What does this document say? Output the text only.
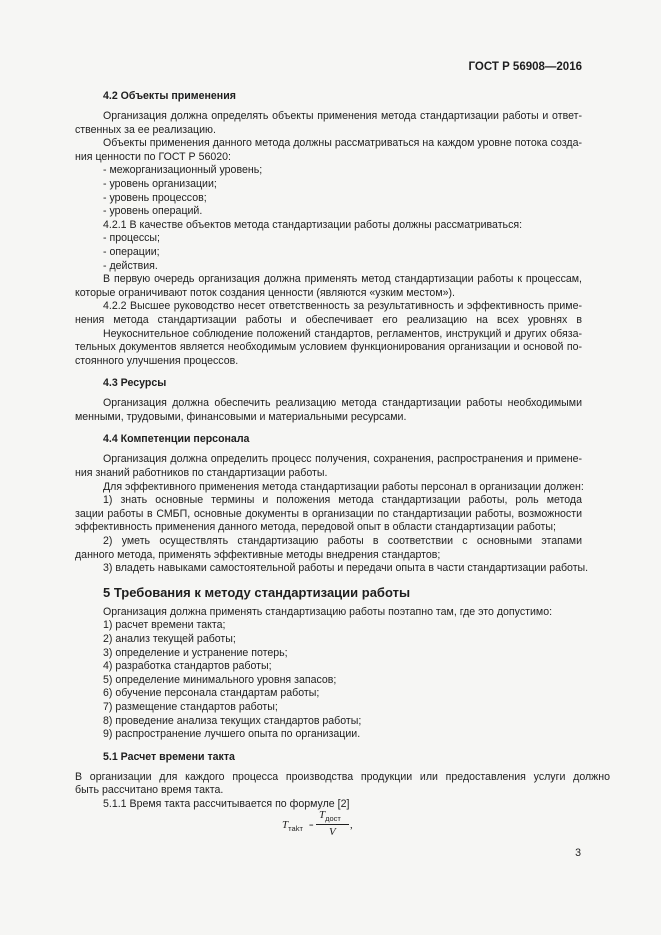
ГОСТ Р 56908—2016
4.2 Объекты применения
Организация должна определять объекты применения метода стандартизации работы и ответ-
ственных за ее реализацию.
Объекты применения данного метода должны рассматриваться на каждом уровне потока созда-
ния ценности по ГОСТ Р 56020:
- межорганизационный уровень;
- уровень организации;
- уровень процессов;
- уровень операций.
4.2.1 В качестве объектов метода стандартизации работы должны рассматриваться:
- процессы;
- операции;
- действия.
В первую очередь организация должна применять метод стандартизации работы к процессам,
которые ограничивают поток создания ценности (являются «узким местом»).
4.2.2 Высшее руководство несет ответственность за результативность и эффективность приме-
нения метода стандартизации работы и обеспечивает его реализацию на всех уровнях в
Неукоснительное соблюдение положений стандартов, регламентов, инструкций и других обяза-
тельных документов является необходимым условием функционирования организации и основой по-
стоянного улучшения процессов.
4.3 Ресурсы
Организация должна обеспечить реализацию метода стандартизации работы необходимыми
менными, трудовыми, финансовыми и материальными ресурсами.
4.4 Компетенции персонала
Организация должна определить процесс получения, сохранения, распространения и примене-
ния знаний работников по стандартизации работы.
Для эффективного применения метода стандартизации работы персонал в организации должен:
1) знать основные термины и положения метода стандартизации работы, роль метода
зации работы в СМБП, основные документы в организации по стандартизации работы, возможности
эффективность применения данного метода, передовой опыт в области стандартизации работы;
2) уметь осуществлять стандартизацию работы в соответствии с основными этапами
данного метода, применять эффективные методы внедрения стандартов;
3) владеть навыками самостоятельной работы и передачи опыта в части стандартизации работы.
5 Требования к методу стандартизации работы
Организация должна применять стандартизацию работы поэтапно там, где это допустимо:
1) расчет времени такта;
2) анализ текущей работы;
3) определение и устранение потерь;
4) разработка стандартов работы;
5) определение минимального уровня запасов;
6) обучение персонала стандартам работы;
7) размещение стандартов работы;
8) проведение анализа текущих стандартов работы;
9) распространение лучшего опыта по организации.
5.1 Расчет времени такта
В организации для каждого процесса производства продукции или предоставления услуги должно
быть рассчитано время такта.
5.1.1 Время такта рассчитывается по формуле [2]
$T_{тakт}$ =
$T_{дост}$
V
,
3
